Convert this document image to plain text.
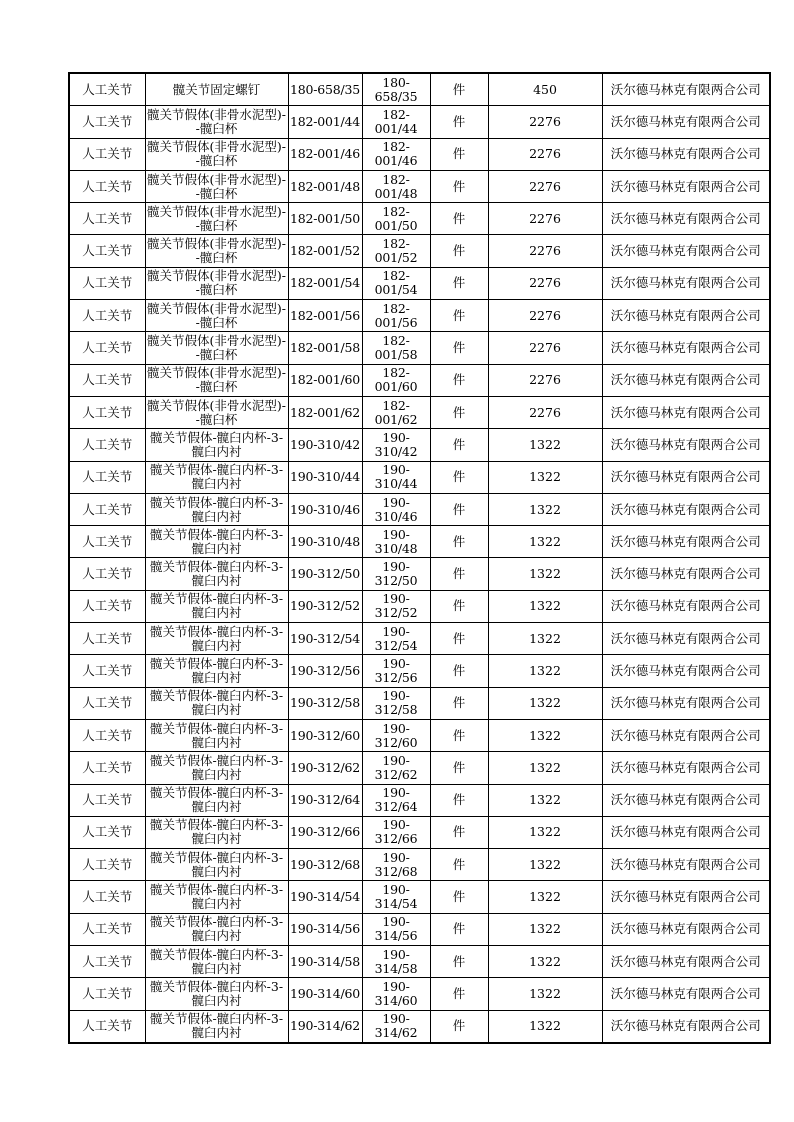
人工关节	髋关节固定螺钉	180-658/35	180-658/35	件	450	沃尔德马林克有限两合公司
人工关节	髋关节假体(非骨水泥型)--髋臼杯	182-001/44	182-001/44	件	2276	沃尔德马林克有限两合公司
人工关节	髋关节假体(非骨水泥型)--髋臼杯	182-001/46	182-001/46	件	2276	沃尔德马林克有限两合公司
人工关节	髋关节假体(非骨水泥型)--髋臼杯	182-001/48	182-001/48	件	2276	沃尔德马林克有限两合公司
人工关节	髋关节假体(非骨水泥型)--髋臼杯	182-001/50	182-001/50	件	2276	沃尔德马林克有限两合公司
人工关节	髋关节假体(非骨水泥型)--髋臼杯	182-001/52	182-001/52	件	2276	沃尔德马林克有限两合公司
人工关节	髋关节假体(非骨水泥型)--髋臼杯	182-001/54	182-001/54	件	2276	沃尔德马林克有限两合公司
人工关节	髋关节假体(非骨水泥型)--髋臼杯	182-001/56	182-001/56	件	2276	沃尔德马林克有限两合公司
人工关节	髋关节假体(非骨水泥型)--髋臼杯	182-001/58	182-001/58	件	2276	沃尔德马林克有限两合公司
人工关节	髋关节假体(非骨水泥型)--髋臼杯	182-001/60	182-001/60	件	2276	沃尔德马林克有限两合公司
人工关节	髋关节假体(非骨水泥型)--髋臼杯	182-001/62	182-001/62	件	2276	沃尔德马林克有限两合公司
人工关节	髋关节假体-髋臼内杯-3-髋臼内衬	190-310/42	190-310/42	件	1322	沃尔德马林克有限两合公司
人工关节	髋关节假体-髋臼内杯-3-髋臼内衬	190-310/44	190-310/44	件	1322	沃尔德马林克有限两合公司
人工关节	髋关节假体-髋臼内杯-3-髋臼内衬	190-310/46	190-310/46	件	1322	沃尔德马林克有限两合公司
人工关节	髋关节假体-髋臼内杯-3-髋臼内衬	190-310/48	190-310/48	件	1322	沃尔德马林克有限两合公司
人工关节	髋关节假体-髋臼内杯-3-髋臼内衬	190-312/50	190-312/50	件	1322	沃尔德马林克有限两合公司
人工关节	髋关节假体-髋臼内杯-3-髋臼内衬	190-312/52	190-312/52	件	1322	沃尔德马林克有限两合公司
人工关节	髋关节假体-髋臼内杯-3-髋臼内衬	190-312/54	190-312/54	件	1322	沃尔德马林克有限两合公司
人工关节	髋关节假体-髋臼内杯-3-髋臼内衬	190-312/56	190-312/56	件	1322	沃尔德马林克有限两合公司
人工关节	髋关节假体-髋臼内杯-3-髋臼内衬	190-312/58	190-312/58	件	1322	沃尔德马林克有限两合公司
人工关节	髋关节假体-髋臼内杯-3-髋臼内衬	190-312/60	190-312/60	件	1322	沃尔德马林克有限两合公司
人工关节	髋关节假体-髋臼内杯-3-髋臼内衬	190-312/62	190-312/62	件	1322	沃尔德马林克有限两合公司
人工关节	髋关节假体-髋臼内杯-3-髋臼内衬	190-312/64	190-312/64	件	1322	沃尔德马林克有限两合公司
人工关节	髋关节假体-髋臼内杯-3-髋臼内衬	190-312/66	190-312/66	件	1322	沃尔德马林克有限两合公司
人工关节	髋关节假体-髋臼内杯-3-髋臼内衬	190-312/68	190-312/68	件	1322	沃尔德马林克有限两合公司
人工关节	髋关节假体-髋臼内杯-3-髋臼内衬	190-314/54	190-314/54	件	1322	沃尔德马林克有限两合公司
人工关节	髋关节假体-髋臼内杯-3-髋臼内衬	190-314/56	190-314/56	件	1322	沃尔德马林克有限两合公司
人工关节	髋关节假体-髋臼内杯-3-髋臼内衬	190-314/58	190-314/58	件	1322	沃尔德马林克有限两合公司
人工关节	髋关节假体-髋臼内杯-3-髋臼内衬	190-314/60	190-314/60	件	1322	沃尔德马林克有限两合公司
人工关节	髋关节假体-髋臼内杯-3-髋臼内衬	190-314/62	190-314/62	件	1322	沃尔德马林克有限两合公司
